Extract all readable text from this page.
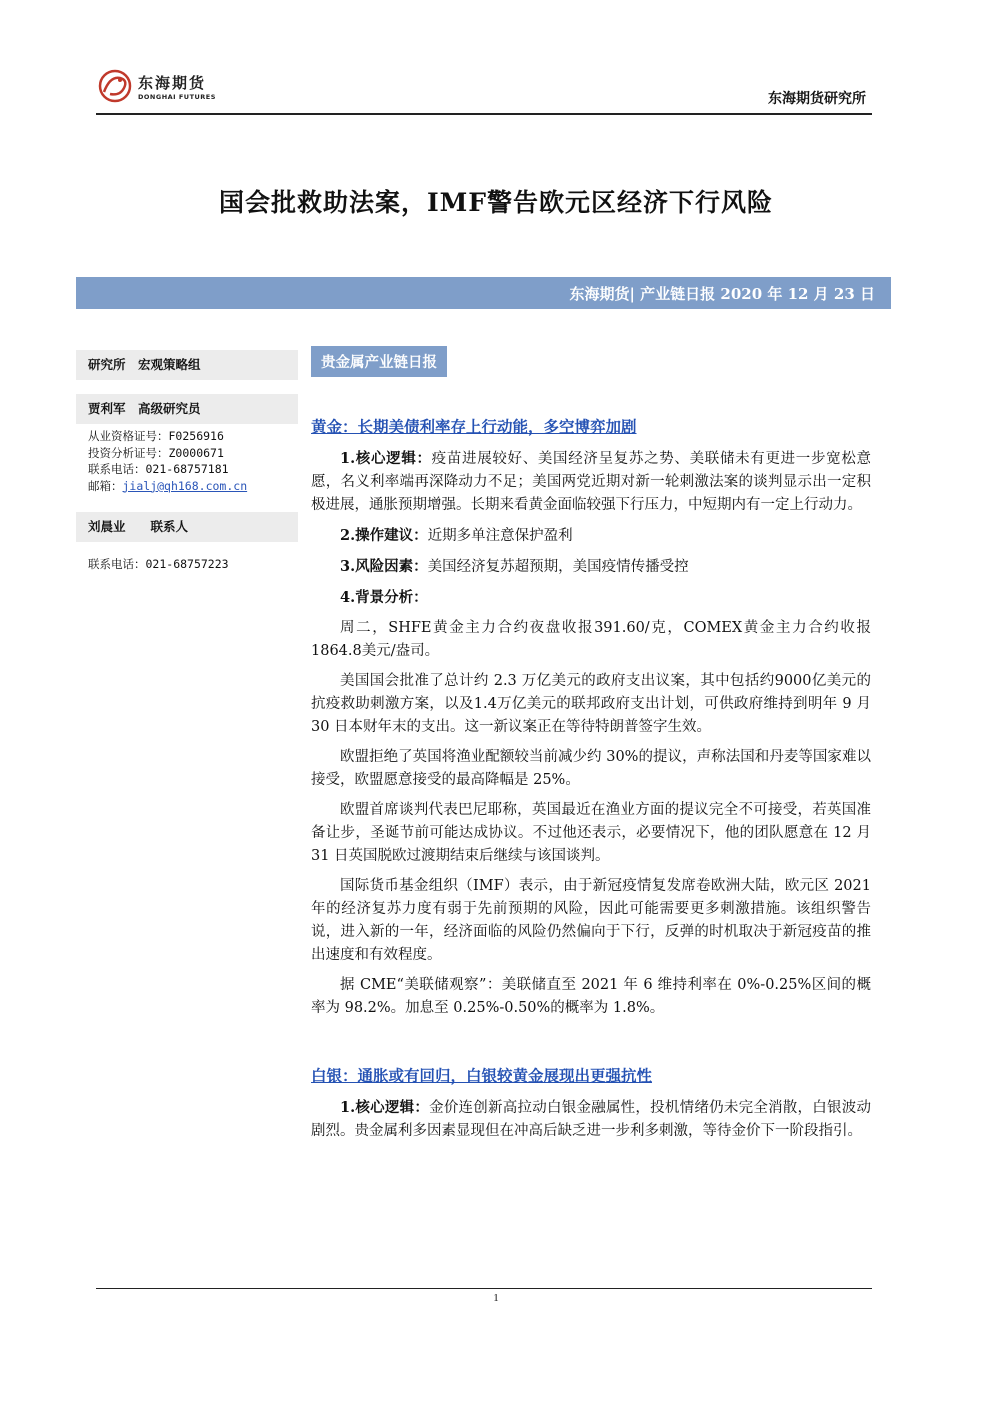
东海期货
DONGHAI FUTURES	东海期货研究所
国会批救助法案，IMF警告欧元区经济下行风险
东海期货| 产业链日报 2020 年 12 月 23 日
研究所　宏观策略组
贾利军　高级研究员
从业资格证号：F0256916
投资分析证号：Z0000671
联系电话：021-68757181
邮箱：jialj@qh168.com.cn
刘晨业　　联系人
联系电话：021-68757223
贵金属产业链日报
黄金：长期美债利率存上行动能，多空博弈加剧

1.核心逻辑：疫苗进展较好、美国经济呈复苏之势、美联储未有更进一步宽松意愿，名义利率端再深降动力不足；美国两党近期对新一轮刺激法案的谈判显示出一定积极进展，通胀预期增强。长期来看黄金面临较强下行压力，中短期内有一定上行动力。

2.操作建议：近期多单注意保护盈利

3.风险因素：美国经济复苏超预期，美国疫情传播受控

4.背景分析：

周二，SHFE黄金主力合约夜盘收报391.60/克，COMEX黄金主力合约收报1864.8美元/盎司。

美国国会批准了总计约 2.3 万亿美元的政府支出议案，其中包括约9000亿美元的抗疫救助刺激方案，以及1.4万亿美元的联邦政府支出计划，可供政府维持到明年 9 月 30 日本财年末的支出。这一新议案正在等待特朗普签字生效。

欧盟拒绝了英国将渔业配额较当前减少约 30%的提议，声称法国和丹麦等国家难以接受，欧盟愿意接受的最高降幅是 25%。

欧盟首席谈判代表巴尼耶称，英国最近在渔业方面的提议完全不可接受，若英国准备让步，圣诞节前可能达成协议。不过他还表示，必要情况下，他的团队愿意在 12 月 31 日英国脱欧过渡期结束后继续与该国谈判。

国际货币基金组织（IMF）表示，由于新冠疫情复发席卷欧洲大陆，欧元区 2021 年的经济复苏力度有弱于先前预期的风险，因此可能需要更多刺激措施。该组织警告说，进入新的一年，经济面临的风险仍然偏向于下行，反弹的时机取决于新冠疫苗的推出速度和有效程度。

据 CME“美联储观察”：美联储直至 2021 年 6 维持利率在 0%-0.25%区间的概率为 98.2%。加息至 0.25%-0.50%的概率为 1.8%。

白银：通胀或有回归，白银较黄金展现出更强抗性

1.核心逻辑：金价连创新高拉动白银金融属性，投机情绪仍未完全消散，白银波动剧烈。贵金属利多因素显现但在冲高后缺乏进一步利多刺激，等待金价下一阶段指引。

1
